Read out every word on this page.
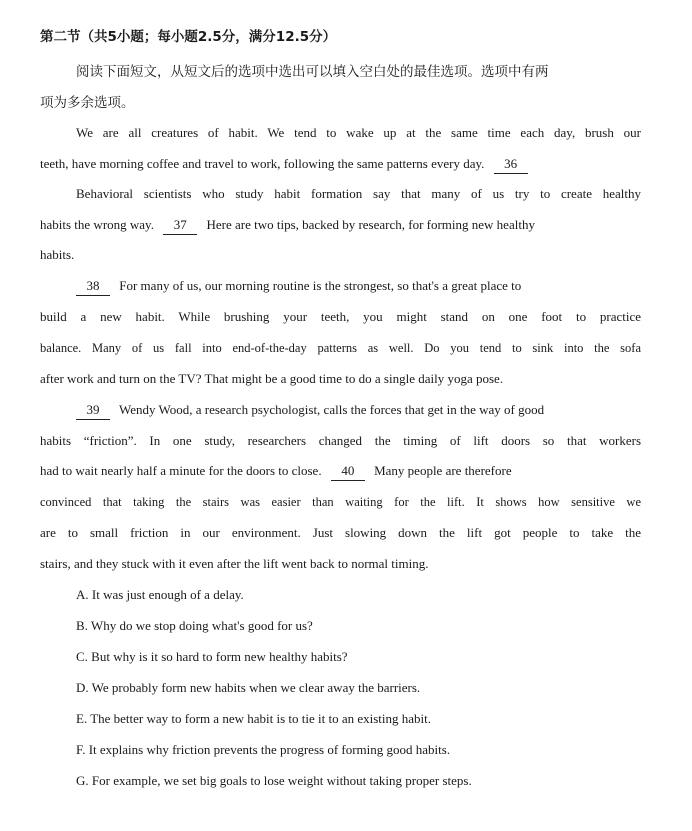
第二节（共5小题；每小题2.5分，满分12.5分）
阅读下面短文，从短文后的选项中选出可以填入空白处的最佳选项。选项中有两
项为多余选项。
We are all creatures of habit. We tend to wake up at the same time each day, brush our
teeth, have morning coffee and travel to work, following the same patterns every day. 36
Behavioral scientists who study habit formation say that many of us try to create healthy
habits the wrong way. 37 Here are two tips, backed by research, for forming new healthy
habits.
38 For many of us, our morning routine is the strongest, so that's a great place to
build a new habit. While brushing your teeth, you might stand on one foot to practice
balance. Many of us fall into end-of-the-day patterns as well. Do you tend to sink into the sofa
after work and turn on the TV? That might be a good time to do a single daily yoga pose.
39 Wendy Wood, a research psychologist, calls the forces that get in the way of good
habits “friction”. In one study, researchers changed the timing of lift doors so that workers
had to wait nearly half a minute for the doors to close. 40 Many people are therefore
convinced that taking the stairs was easier than waiting for the lift. It shows how sensitive we
are to small friction in our environment. Just slowing down the lift got people to take the
stairs, and they stuck with it even after the lift went back to normal timing.
A. It was just enough of a delay.
B. Why do we stop doing what's good for us?
C. But why is it so hard to form new healthy habits?
D. We probably form new habits when we clear away the barriers.
E. The better way to form a new habit is to tie it to an existing habit.
F. It explains why friction prevents the progress of forming good habits.
G. For example, we set big goals to lose weight without taking proper steps.
